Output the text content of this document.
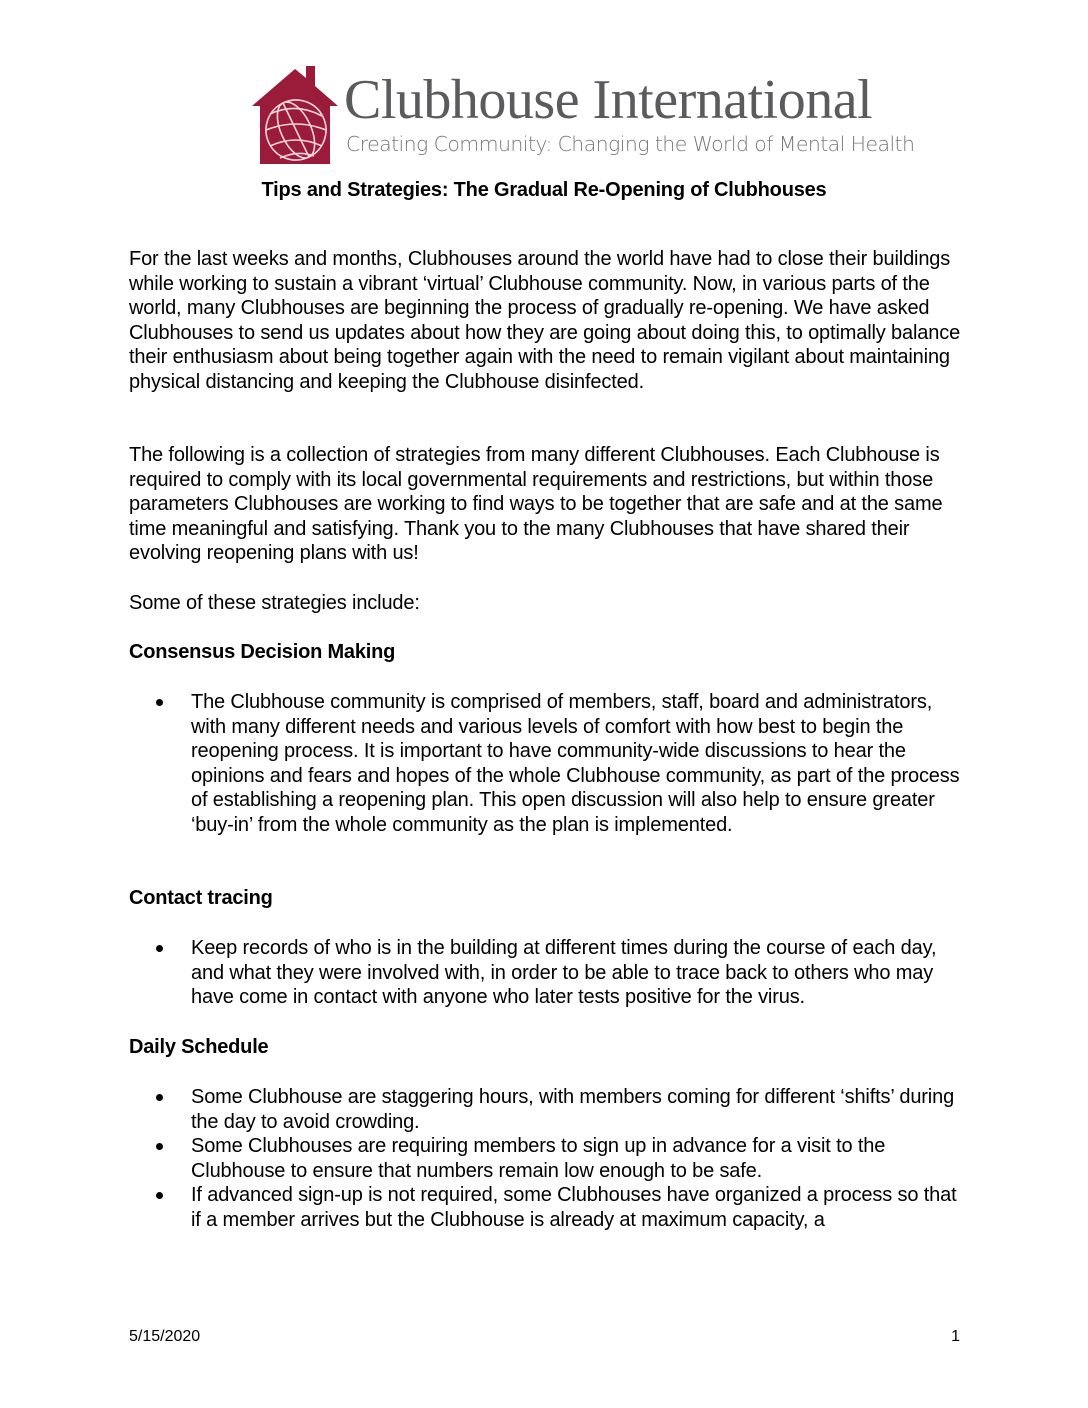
Clubhouse International
Creating Community: Changing the World of Mental Health
Tips and Strategies: The Gradual Re-Opening of Clubhouses

For the last weeks and months, Clubhouses around the world have had to close their buildings while working to sustain a vibrant ‘virtual’ Clubhouse community. Now, in various parts of the world, many Clubhouses are beginning the process of gradually re-opening. We have asked Clubhouses to send us updates about how they are going about doing this, to optimally balance their enthusiasm about being together again with the need to remain vigilant about maintaining physical distancing and keeping the Clubhouse disinfected.

The following is a collection of strategies from many different Clubhouses. Each Clubhouse is required to comply with its local governmental requirements and restrictions, but within those parameters Clubhouses are working to find ways to be together that are safe and at the same time meaningful and satisfying. Thank you to the many Clubhouses that have shared their evolving reopening plans with us!

Some of these strategies include:

Consensus Decision Making
The Clubhouse community is comprised of members, staff, board and administrators, with many different needs and various levels of comfort with how best to begin the reopening process. It is important to have community-wide discussions to hear the opinions and fears and hopes of the whole Clubhouse community, as part of the process of establishing a reopening plan. This open discussion will also help to ensure greater ‘buy-in’ from the whole community as the plan is implemented.
Contact tracing
Keep records of who is in the building at different times during the course of each day, and what they were involved with, in order to be able to trace back to others who may have come in contact with anyone who later tests positive for the virus.
Daily Schedule
Some Clubhouse are staggering hours, with members coming for different ‘shifts’ during the day to avoid crowding.
Some Clubhouses are requiring members to sign up in advance for a visit to the Clubhouse to ensure that numbers remain low enough to be safe.
If advanced sign-up is not required, some Clubhouses have organized a process so that if a member arrives but the Clubhouse is already at maximum capacity, a
5/15/2020	1
